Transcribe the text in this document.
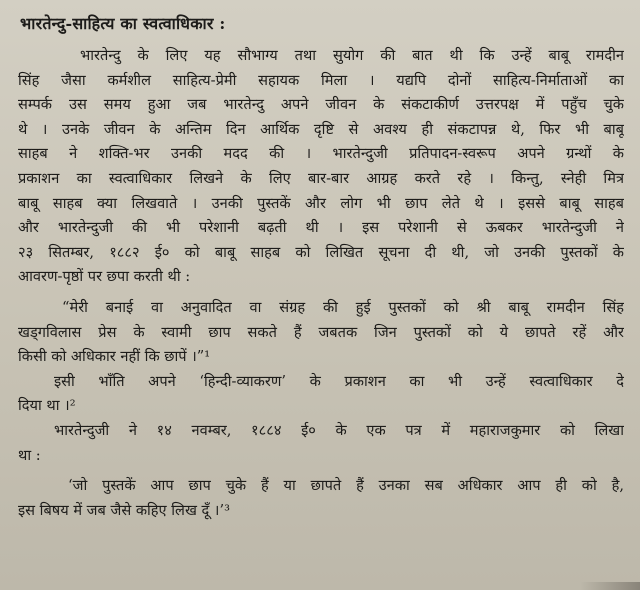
भारतेन्दु-साहित्य का स्वत्वाधिकार :
भारतेन्दु के लिए यह सौभाग्य तथा सुयोग की बात थी कि उन्हें बाबू रामदीन
सिंह जैसा कर्मशील साहित्य-प्रेमी सहायक मिला । यद्यपि दोनों साहित्य-निर्माताओं का
सम्पर्क उस समय हुआ जब भारतेन्दु अपने जीवन के संकटाकीर्ण उत्तरपक्ष में पहुँच चुके
थे । उनके जीवन के अन्तिम दिन आर्थिक दृष्टि से अवश्य ही संकटापन्न थे, फिर भी बाबू
साहब ने शक्ति-भर उनकी मदद की । भारतेन्दुजी प्रतिपादन-स्वरूप अपने ग्रन्थों के
प्रकाशन का स्वत्वाधिकार लिखने के लिए बार-बार आग्रह करते रहे । किन्तु, स्नेही मित्र
बाबू साहब क्या लिखवाते । उनकी पुस्तकें और लोग भी छाप लेते थे । इससे बाबू साहब
और भारतेन्दुजी की भी परेशानी बढ़ती थी । इस परेशानी से ऊबकर भारतेन्दुजी ने
२३ सितम्बर, १८८२ ई० को बाबू साहब को लिखित सूचना दी थी, जो उनकी पुस्तकों के
आवरण-पृष्ठों पर छपा करती थी :
“मेरी बनाई वा अनुवादित वा संग्रह की हुई पुस्तकों को श्री बाबू रामदीन सिंह
खड्गविलास प्रेस के स्वामी छाप सकते हैं जबतक जिन पुस्तकों को ये छापते रहें और
किसी को अधिकार नहीं कि छापें ।”¹
इसी भाँति अपने ‘हिन्दी-व्याकरण’ के प्रकाशन का भी उन्हें स्वत्वाधिकार दे
दिया था ।²
भारतेन्दुजी ने १४ नवम्बर, १८८४ ई० के एक पत्र में महाराजकुमार को लिखा
था :
‘जो पुस्तकें आप छाप चुके हैं या छापते हैं उनका सब अधिकार आप ही को है,
इस बिषय में जब जैसे कहिए लिख दूँ ।’³
